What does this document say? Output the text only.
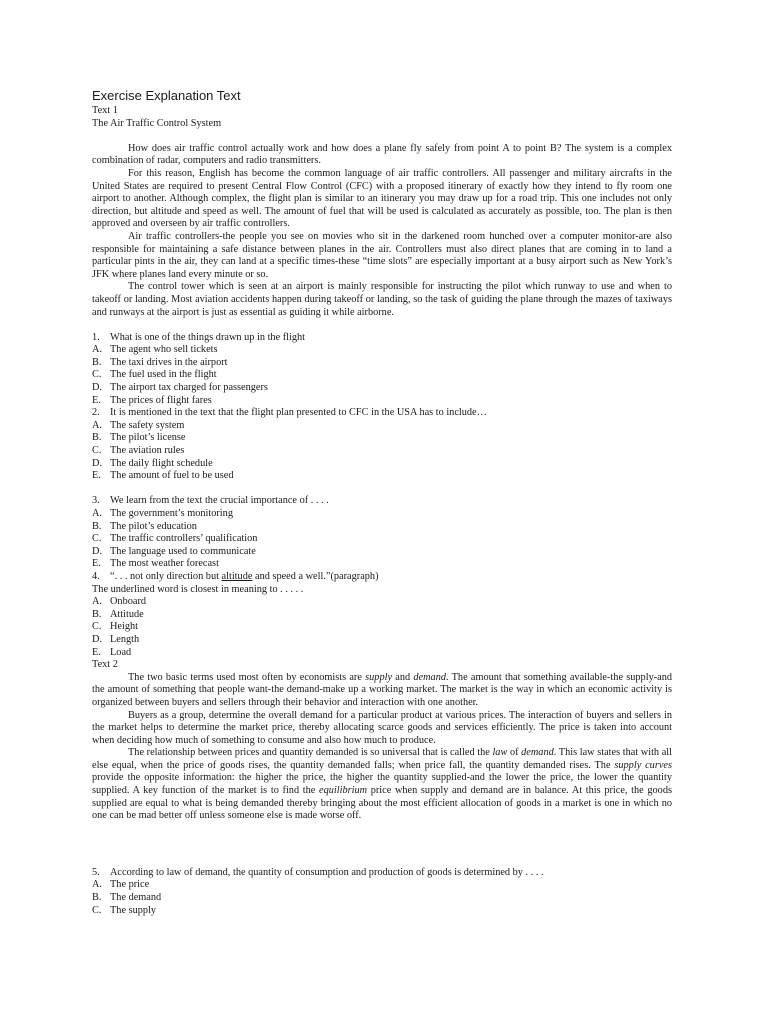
Exercise Explanation Text
Text 1
The Air Traffic Control System

How does air traffic control actually work and how does a plane fly safely from point A to point B? The system is a complex combination of radar, computers and radio transmitters.

For this reason, English has become the common language of air traffic controllers. All passenger and military aircrafts in the United States are required to present Central Flow Control (CFC) with a proposed itinerary of exactly how they intend to fly room one airport to another. Although complex, the flight plan is similar to an itinerary you may draw up for a road trip. This one includes not only direction, but altitude and speed as well. The amount of fuel that will be used is calculated as accurately as possible, too. The plan is then approved and overseen by air traffic controllers.

Air traffic controllers-the people you see on movies who sit in the darkened room hunched over a computer monitor-are also responsible for maintaining a safe distance between planes in the air. Controllers must also direct planes that are coming in to land a particular pints in the air, they can land at a specific times-these “time slots” are especially important at a busy airport such as New York’s JFK where planes land every minute or so.

The control tower which is seen at an airport is mainly responsible for instructing the pilot which runway to use and when to takeoff or landing. Most aviation accidents happen during takeoff or landing, so the task of guiding the plane through the mazes of taxiways and runways at the airport is just as essential as guiding it while airborne.

1. What is one of the things drawn up in the flight
A. The agent who sell tickets
B. The taxi drives in the airport
C. The fuel used in the flight
D. The airport tax charged for passengers
E. The prices of flight fares
2. It is mentioned in the text that the flight plan presented to CFC in the USA has to include…
A. The safety system
B. The pilot’s license
C. The aviation rules
D. The daily flight schedule
E. The amount of fuel to be used
3. We learn from the text the crucial importance of . . . .
A. The government’s monitoring
B. The pilot’s education
C. The traffic controllers’ qualification
D. The language used to communicate
E. The most weather forecast
4. “. . . not only direction but altitude and speed a well.”(paragraph)
The underlined word is closest in meaning to . . . . .
A. Onboard
B. Attitude
C. Height
D. Length
E. Load
Text 2

The two basic terms used most often by economists are supply and demand. The amount that something available-the supply-and the amount of something that people want-the demand-make up a working market. The market is the way in which an economic activity is organized between buyers and sellers through their behavior and interaction with one another.

Buyers as a group, determine the overall demand for a particular product at various prices. The interaction of buyers and sellers in the market helps to determine the market price, thereby allocating scarce goods and services efficiently. The price is taken into account when deciding how much of something to consume and also how much to produce.

The relationship between prices and quantity demanded is so universal that is called the law of demand. This law states that with all else equal, when the price of goods rises, the quantity demanded falls; when price fall, the quantity demanded rises. The supply curves provide the opposite information: the higher the price, the higher the quantity supplied-and the lower the price, the lower the quantity supplied. A key function of the market is to find the equilibrium price when supply and demand are in balance. At this price, the goods supplied are equal to what is being demanded thereby bringing about the most efficient allocation of goods in a market is one in which no one can be mad better off unless someone else is made worse off.

5. According to law of demand, the quantity of consumption and production of goods is determined by . . . .
A. The price
B. The demand
C. The supply
